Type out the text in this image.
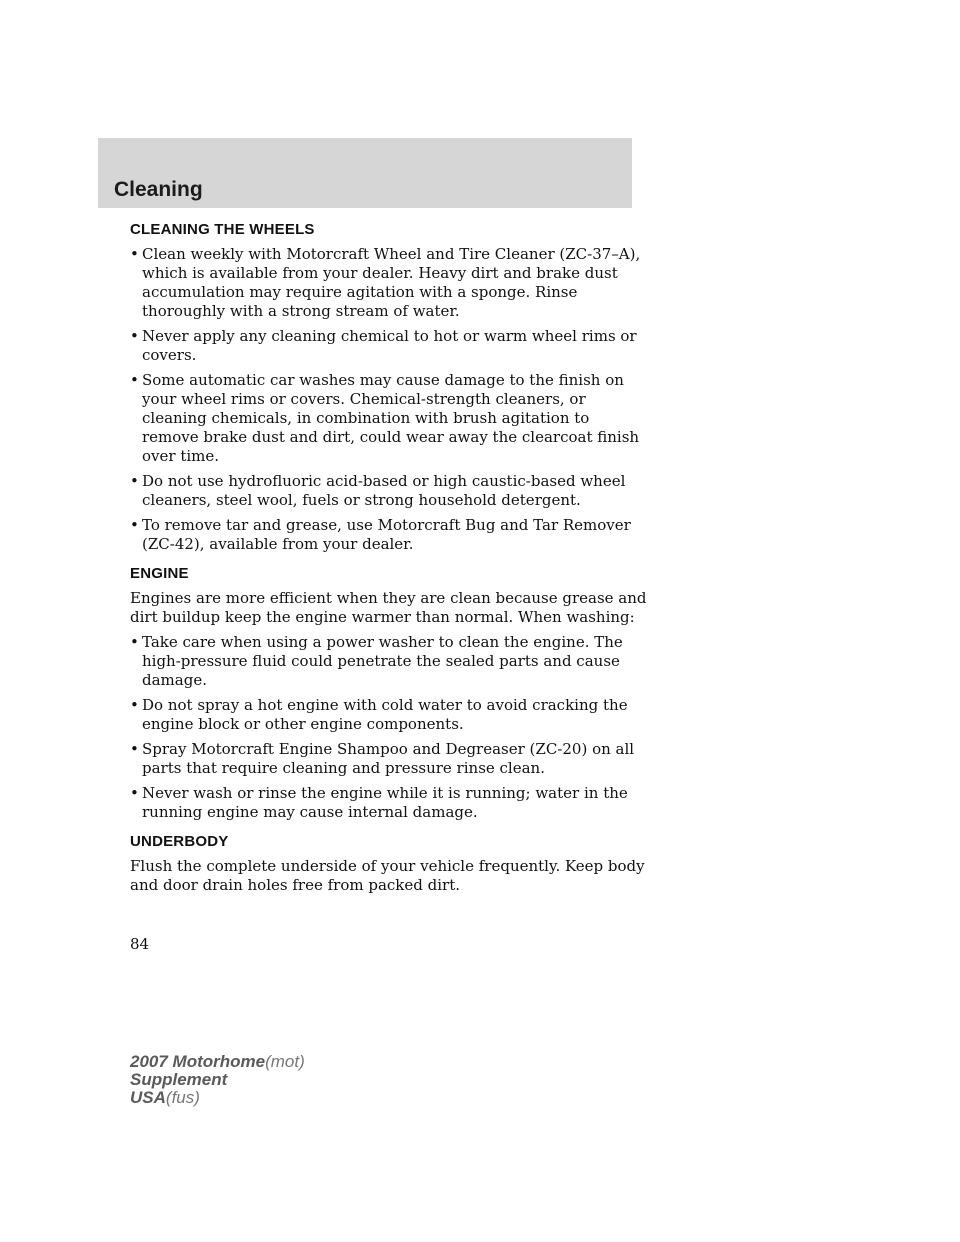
Cleaning
CLEANING THE WHEELS
• Clean weekly with Motorcraft Wheel and Tire Cleaner (ZC-37–A), which is available from your dealer. Heavy dirt and brake dust accumulation may require agitation with a sponge. Rinse thoroughly with a strong stream of water.
• Never apply any cleaning chemical to hot or warm wheel rims or covers.
• Some automatic car washes may cause damage to the finish on your wheel rims or covers. Chemical-strength cleaners, or cleaning chemicals, in combination with brush agitation to remove brake dust and dirt, could wear away the clearcoat finish over time.
• Do not use hydrofluoric acid-based or high caustic-based wheel cleaners, steel wool, fuels or strong household detergent.
• To remove tar and grease, use Motorcraft Bug and Tar Remover (ZC-42), available from your dealer.
ENGINE

Engines are more efficient when they are clean because grease and dirt buildup keep the engine warmer than normal. When washing:

• Take care when using a power washer to clean the engine. The high-pressure fluid could penetrate the sealed parts and cause damage.
• Do not spray a hot engine with cold water to avoid cracking the engine block or other engine components.
• Spray Motorcraft Engine Shampoo and Degreaser (ZC-20) on all parts that require cleaning and pressure rinse clean.
• Never wash or rinse the engine while it is running; water in the running engine may cause internal damage.
UNDERBODY

Flush the complete underside of your vehicle frequently. Keep body and door drain holes free from packed dirt.

84
2007 Motorhome(mot)
Supplement
USA(fus)
